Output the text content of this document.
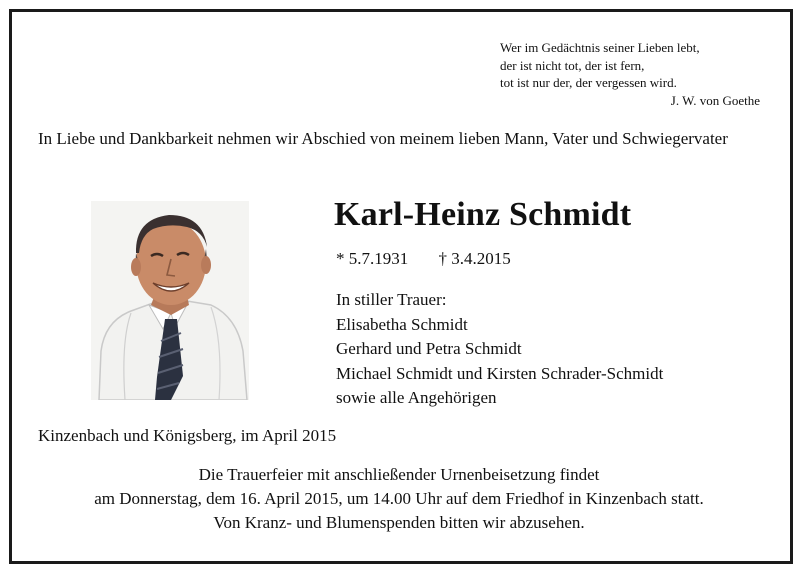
Wer im Gedächtnis seiner Lieben lebt,
der ist nicht tot, der ist fern,
tot ist nur der, der vergessen wird.
J. W. von Goethe
In Liebe und Dankbarkeit nehmen wir Abschied von meinem lieben Mann, Vater und Schwiegervater
Karl-Heinz Schmidt
* 5.7.1931 † 3.4.2015
In stiller Trauer:
Elisabetha Schmidt
Gerhard und Petra Schmidt
Michael Schmidt und Kirsten Schrader-Schmidt
sowie alle Angehörigen
Kinzenbach und Königsberg, im April 2015
Die Trauerfeier mit anschließender Urnenbeisetzung findet
am Donnerstag, dem 16. April 2015, um 14.00 Uhr auf dem Friedhof in Kinzenbach statt.
Von Kranz- und Blumenspenden bitten wir abzusehen.
